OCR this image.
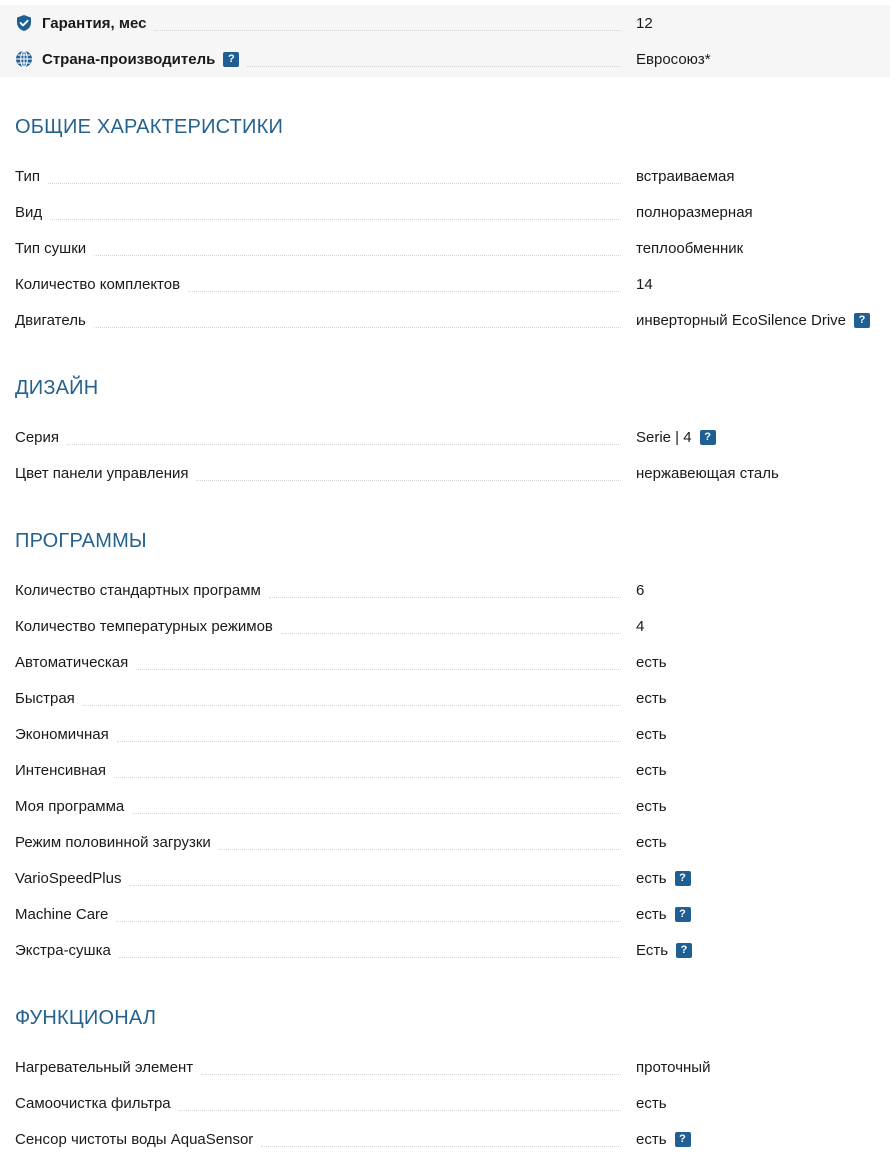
Гарантия, мес	12
Страна-производитель	?	Евросоюз*
ОБЩИЕ ХАРАКТЕРИСТИКИ
Тип	встраиваемая
Вид	полноразмерная
Тип сушки	теплообменник
Количество комплектов	14
Двигатель	инверторный EcoSilence Drive	?
ДИЗАЙН
Серия	Serie | 4	?
Цвет панели управления	нержавеющая сталь
ПРОГРАММЫ
Количество стандартных программ	6
Количество температурных режимов	4
Автоматическая	есть
Быстрая	есть
Экономичная	есть
Интенсивная	есть
Моя программа	есть
Режим половинной загрузки	есть
VarioSpeedPlus	есть	?
Machine Care	есть	?
Экстра-сушка	Есть	?
ФУНКЦИОНАЛ
Нагревательный элемент	проточный
Самоочистка фильтра	есть
Сенсор чистоты воды AquaSensor	есть	?
